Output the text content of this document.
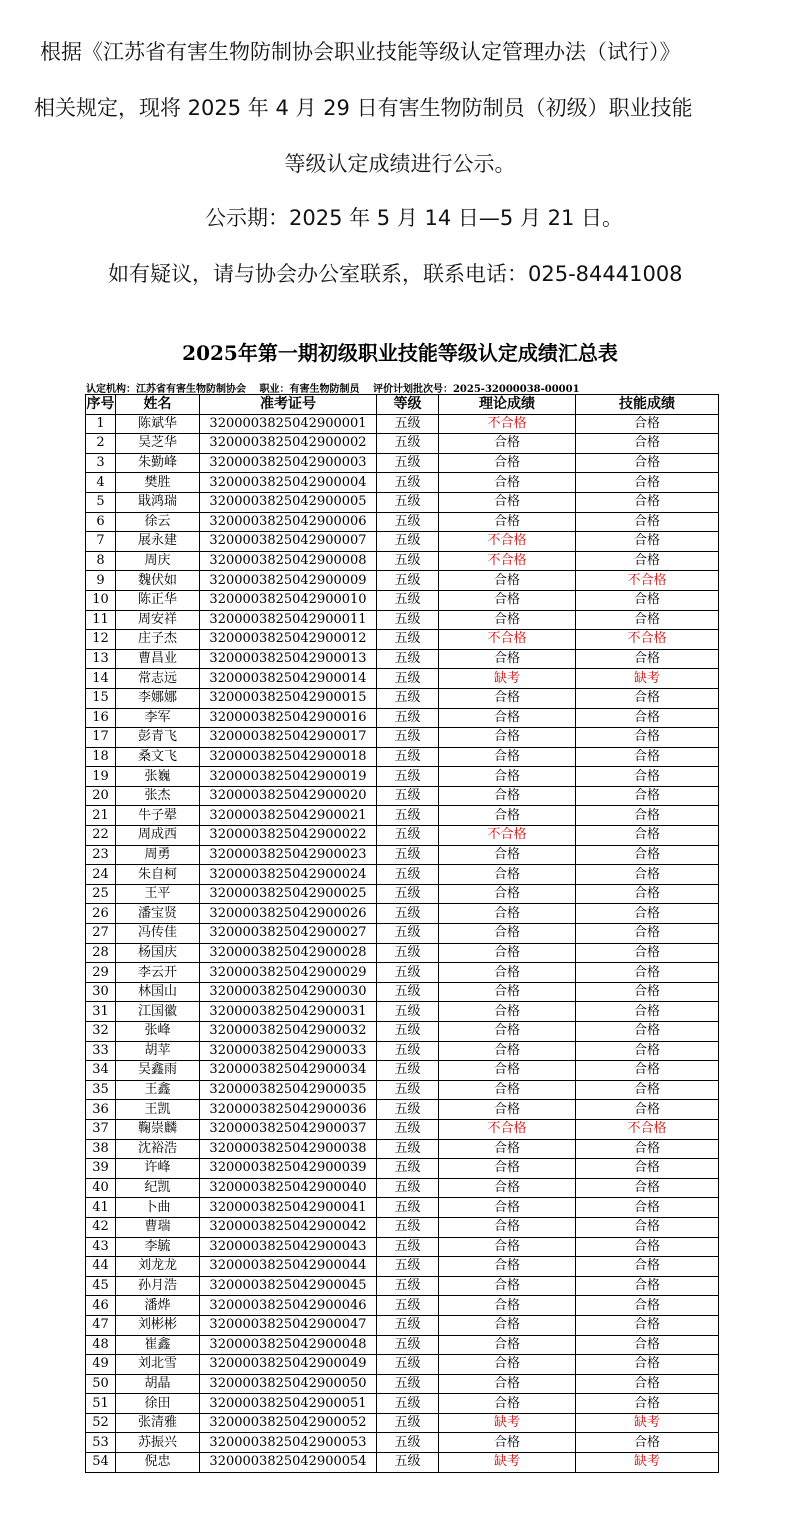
根据《江苏省有害生物防制协会职业技能等级认定管理办法（试行）》

相关规定，现将 2025 年 4 月 29 日有害生物防制员（初级）职业技能

等级认定成绩进行公示。

公示期：2025 年 5 月 14 日—5 月 21 日。

如有疑议，请与协会办公室联系，联系电话：025-84441008

2025年第一期初级职业技能等级认定成绩汇总表
认定机构：江苏省有害生物防制协会 职业：有害生物防制员 评价计划批次号：2025-32000038-00001
序号	姓名	准考证号	等级	理论成绩	技能成绩
1	陈斌华	3200003825042900001	五级	不合格	合格
2	吴芝华	3200003825042900002	五级	合格	合格
3	朱勤峰	3200003825042900003	五级	合格	合格
4	樊胜	3200003825042900004	五级	合格	合格
5	戢鸿瑞	3200003825042900005	五级	合格	合格
6	徐云	3200003825042900006	五级	合格	合格
7	展永建	3200003825042900007	五级	不合格	合格
8	周庆	3200003825042900008	五级	不合格	合格
9	魏伏如	3200003825042900009	五级	合格	不合格
10	陈正华	3200003825042900010	五级	合格	合格
11	周安祥	3200003825042900011	五级	合格	合格
12	庄子杰	3200003825042900012	五级	不合格	不合格
13	曹昌业	3200003825042900013	五级	合格	合格
14	常志远	3200003825042900014	五级	缺考	缺考
15	李娜娜	3200003825042900015	五级	合格	合格
16	李军	3200003825042900016	五级	合格	合格
17	彭青飞	3200003825042900017	五级	合格	合格
18	桑文飞	3200003825042900018	五级	合格	合格
19	张巍	3200003825042900019	五级	合格	合格
20	张杰	3200003825042900020	五级	合格	合格
21	牛子翚	3200003825042900021	五级	合格	合格
22	周成西	3200003825042900022	五级	不合格	合格
23	周勇	3200003825042900023	五级	合格	合格
24	朱自柯	3200003825042900024	五级	合格	合格
25	王平	3200003825042900025	五级	合格	合格
26	潘宝贤	3200003825042900026	五级	合格	合格
27	冯传佳	3200003825042900027	五级	合格	合格
28	杨国庆	3200003825042900028	五级	合格	合格
29	李云开	3200003825042900029	五级	合格	合格
30	林国山	3200003825042900030	五级	合格	合格
31	江国徽	3200003825042900031	五级	合格	合格
32	张峰	3200003825042900032	五级	合格	合格
33	胡苹	3200003825042900033	五级	合格	合格
34	吴鑫雨	3200003825042900034	五级	合格	合格
35	王鑫	3200003825042900035	五级	合格	合格
36	王凯	3200003825042900036	五级	合格	合格
37	鞠崇麟	3200003825042900037	五级	不合格	不合格
38	沈裕浩	3200003825042900038	五级	合格	合格
39	许峰	3200003825042900039	五级	合格	合格
40	纪凯	3200003825042900040	五级	合格	合格
41	卜曲	3200003825042900041	五级	合格	合格
42	曹瑞	3200003825042900042	五级	合格	合格
43	李毓	3200003825042900043	五级	合格	合格
44	刘龙龙	3200003825042900044	五级	合格	合格
45	孙月浩	3200003825042900045	五级	合格	合格
46	潘烨	3200003825042900046	五级	合格	合格
47	刘彬彬	3200003825042900047	五级	合格	合格
48	崔鑫	3200003825042900048	五级	合格	合格
49	刘北雪	3200003825042900049	五级	合格	合格
50	胡晶	3200003825042900050	五级	合格	合格
51	徐田	3200003825042900051	五级	合格	合格
52	张清雅	3200003825042900052	五级	缺考	缺考
53	苏振兴	3200003825042900053	五级	合格	合格
54	倪忠	3200003825042900054	五级	缺考	缺考
